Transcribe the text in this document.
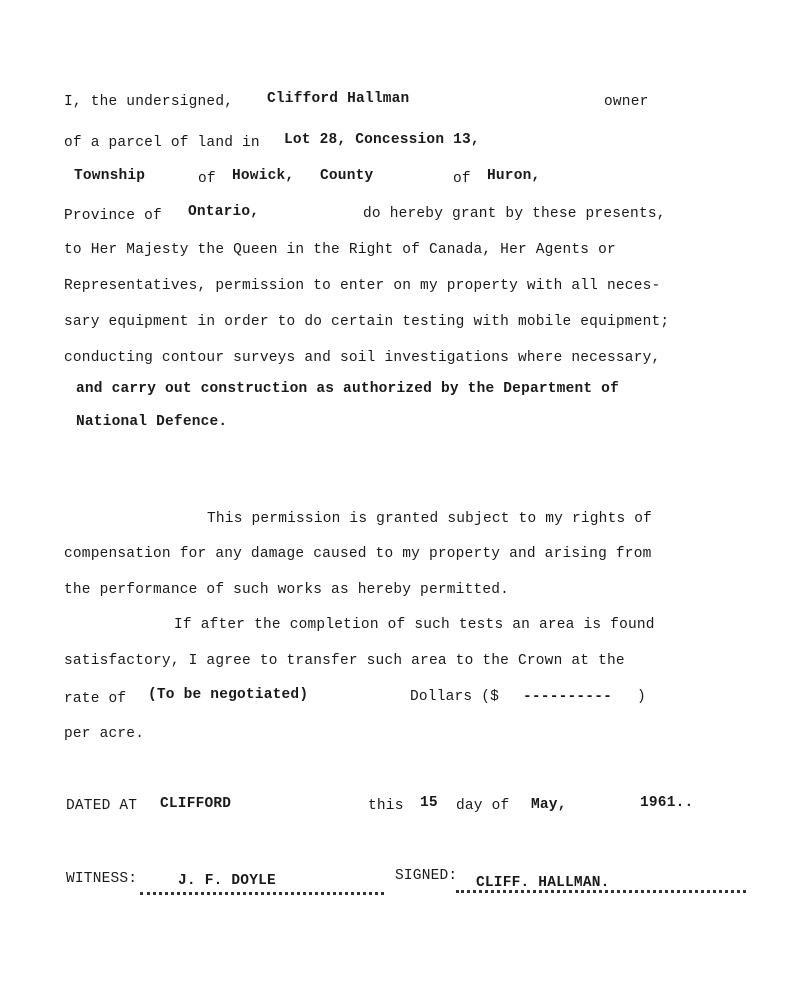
I, the undersigned, Clifford Hallman	owner
of a parcel of land in Lot 28, Concession 13,
Township	of Howick, County	of Huron,
Province of Ontario,	do hereby grant by these presents,
to Her Majesty the Queen in the Right of Canada, Her Agents or
Representatives, permission to enter on my property with all neces-
sary equipment in order to do certain testing with mobile equipment;
conducting contour surveys and soil investigations where necessary,
and carry out construction as authorized by the Department of
National Defence.
This permission is granted subject to my rights of
compensation for any damage caused to my property and arising from
the performance of such works as hereby permitted.
If after the completion of such tests an area is found
satisfactory, I agree to transfer such area to the Crown at the
rate of (To be negotiated)	Dollars ($ ---------- )
per acre.
DATED AT CLIFFORD	this 15 day of May,	1961..
WITNESS:	J. F. DOYLE	SIGNED: CLIFF. HALLMAN.
